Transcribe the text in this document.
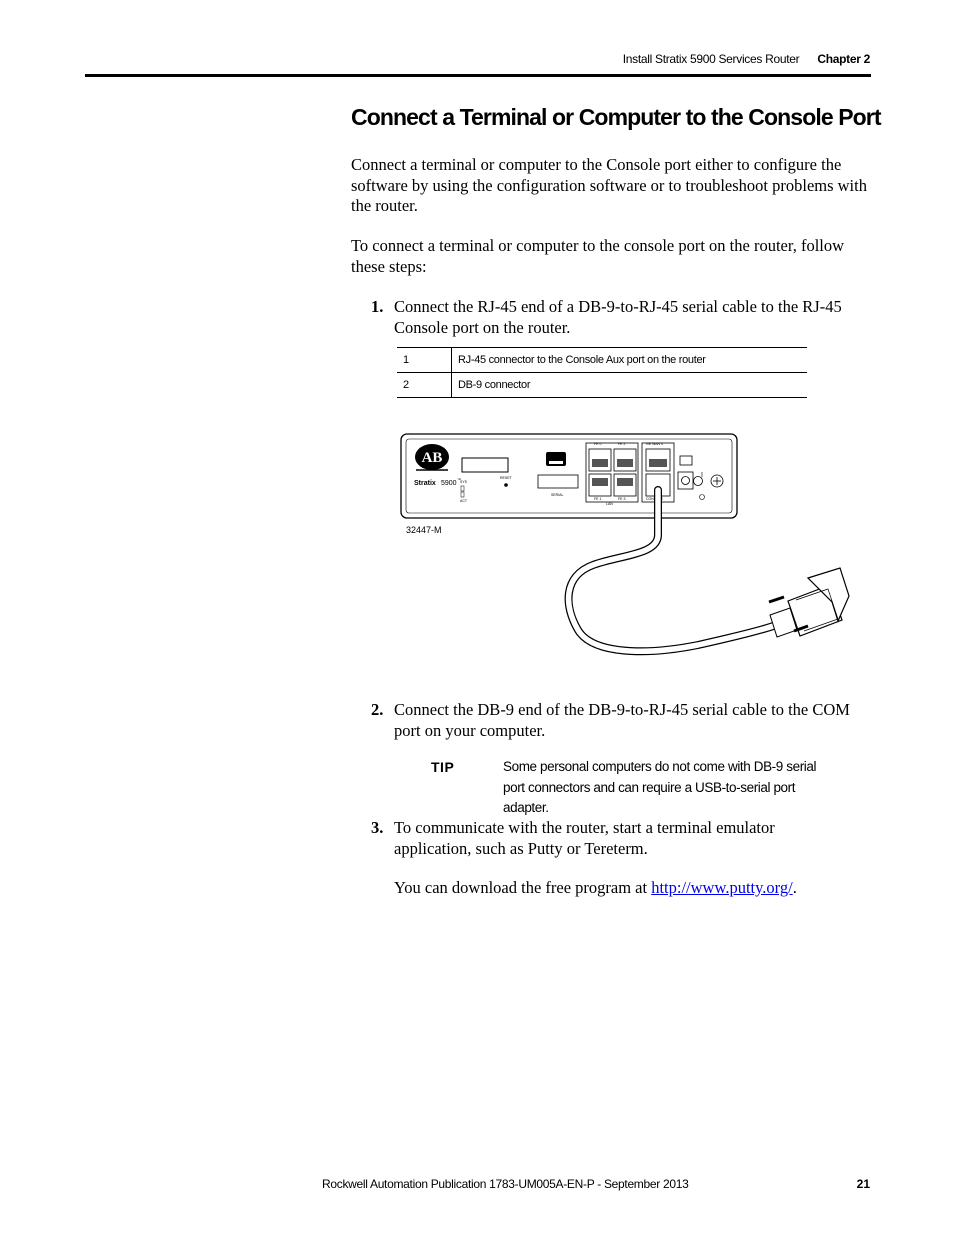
Install Stratix 5900 Services Router Chapter 2
Connect a Terminal or Computer to the Console Port

Connect a terminal or computer to the Console port either to configure the software by using the configuration software or to troubleshoot problems with the router.

To connect a terminal or computer to the console port on the router, follow these steps:

1. Connect the RJ-45 end of a DB-9-to-RJ-45 serial cable to the RJ-45 Console port on the router.
1	RJ-45 connector to the Console Aux port on the router
2	DB-9 connector
AB
Stratix 5900
™ SYS
ACT
RESET
SERIAL
FE 0	FE 2
FE 1	FE 3
LAN
GE WAN 0
CONSOLE
32447-M
2. Connect the DB-9 end of the DB-9-to-RJ-45 serial cable to the COM port on your computer.
TIP	Some personal computers do not come with DB-9 serial port connectors and can require a USB-to-serial port adapter.
3. To communicate with the router, start a terminal emulator application, such as Putty or Tereterm.
You can download the free program at http://www.putty.org/.
Rockwell Automation Publication 1783-UM005A-EN-P - September 2013	21
